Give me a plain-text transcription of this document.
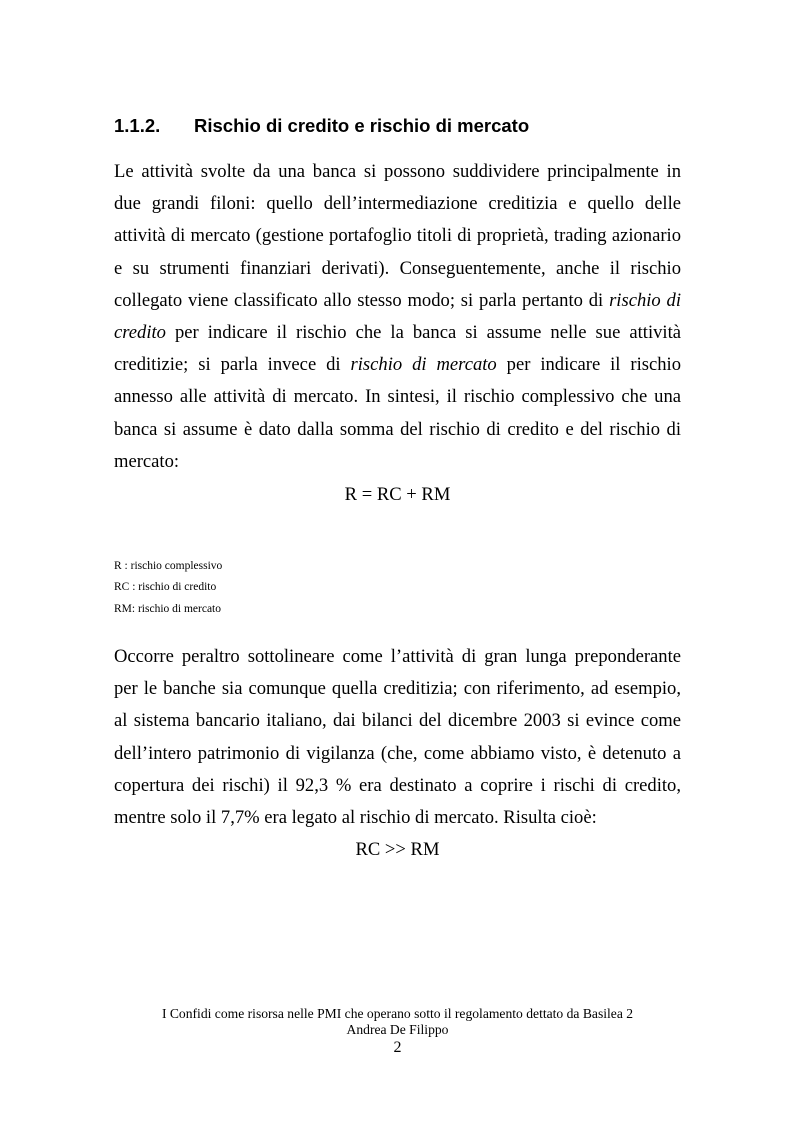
1.1.2. Rischio di credito e rischio di mercato

Le attività svolte da una banca si possono suddividere principalmente in due grandi filoni: quello dell’intermediazione creditizia e quello delle attività di mercato (gestione portafoglio titoli di proprietà, trading azionario e su strumenti finanziari derivati). Conseguentemente, anche il rischio collegato viene classificato allo stesso modo; si parla pertanto di rischio di credito per indicare il rischio che la banca si assume nelle sue attività creditizie; si parla invece di rischio di mercato per indicare il rischio annesso alle attività di mercato. In sintesi, il rischio complessivo che una banca si assume è dato dalla somma del rischio di credito e del rischio di mercato:

R = RC + RM
R : rischio complessivo
RC : rischio di credito
RM: rischio di mercato

Occorre peraltro sottolineare come l’attività di gran lunga preponderante per le banche sia comunque quella creditizia; con riferimento, ad esempio, al sistema bancario italiano, dai bilanci del dicembre 2003 si evince come dell’intero patrimonio di vigilanza (che, come abbiamo visto, è detenuto a copertura dei rischi) il 92,3 % era destinato a coprire i rischi di credito, mentre solo il 7,7% era legato al rischio di mercato. Risulta cioè:

RC >> RM
I Confidi come risorsa nelle PMI che operano sotto il regolamento dettato da Basilea 2
Andrea De Filippo
2
